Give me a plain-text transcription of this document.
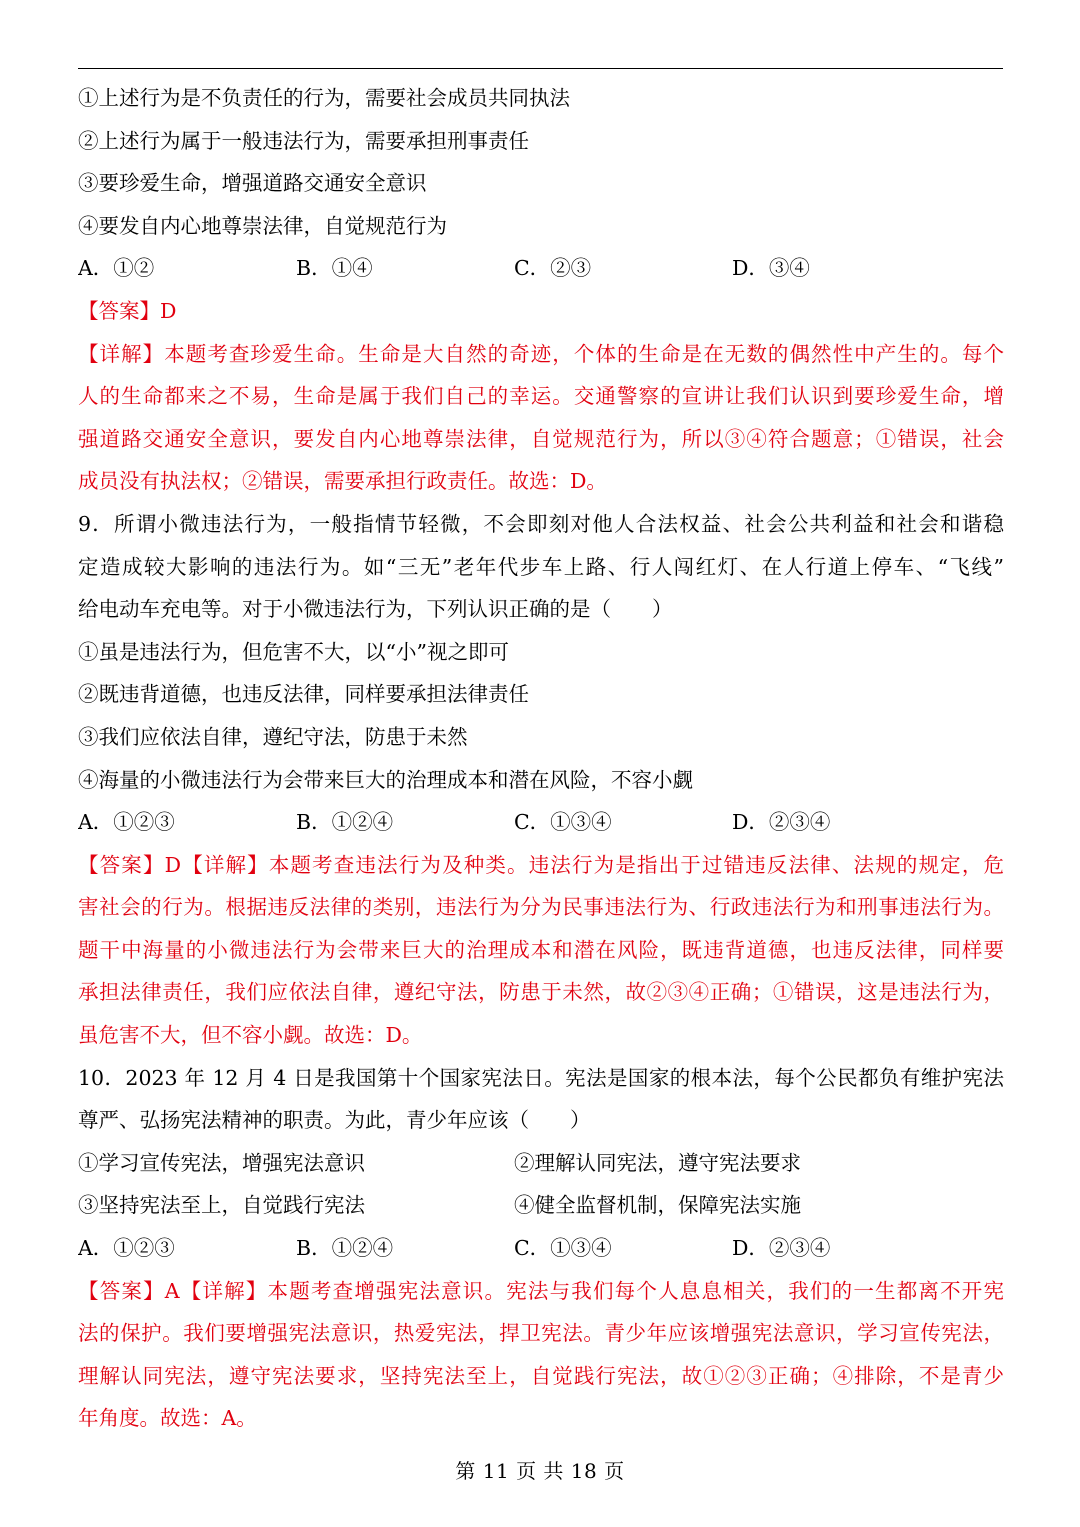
①上述行为是不负责任的行为，需要社会成员共同执法
②上述行为属于一般违法行为，需要承担刑事责任
③要珍爱生命，增强道路交通安全意识
④要发自内心地尊崇法律，自觉规范行为
A．①②	B．①④	C．②③	D．③④
【答案】D
【详解】本题考查珍爱生命。生命是大自然的奇迹，个体的生命是在无数的偶然性中产生的。每个
人的生命都来之不易，生命是属于我们自己的幸运。交通警察的宣讲让我们认识到要珍爱生命，增
强道路交通安全意识，要发自内心地尊崇法律，自觉规范行为，所以③④符合题意；①错误，社会
成员没有执法权；②错误，需要承担行政责任。故选：D。
9．所谓小微违法行为，一般指情节轻微，不会即刻对他人合法权益、社会公共利益和社会和谐稳
定造成较大影响的违法行为。如“三无”老年代步车上路、行人闯红灯、在人行道上停车、“飞线”
给电动车充电等。对于小微违法行为，下列认识正确的是（　　）
①虽是违法行为，但危害不大，以“小”视之即可
②既违背道德，也违反法律，同样要承担法律责任
③我们应依法自律，遵纪守法，防患于未然
④海量的小微违法行为会带来巨大的治理成本和潜在风险，不容小觑
A．①②③	B．①②④	C．①③④	D．②③④
【答案】D【详解】本题考查违法行为及种类。违法行为是指出于过错违反法律、法规的规定，危
害社会的行为。根据违反法律的类别，违法行为分为民事违法行为、行政违法行为和刑事违法行为。
题干中海量的小微违法行为会带来巨大的治理成本和潜在风险，既违背道德，也违反法律，同样要
承担法律责任，我们应依法自律，遵纪守法，防患于未然，故②③④正确；①错误，这是违法行为，
虽危害不大，但不容小觑。故选：D。
10．2023 年 12 月 4 日是我国第十个国家宪法日。宪法是国家的根本法，每个公民都负有维护宪法
尊严、弘扬宪法精神的职责。为此，青少年应该（　　）
①学习宣传宪法，增强宪法意识	②理解认同宪法，遵守宪法要求
③坚持宪法至上，自觉践行宪法	④健全监督机制，保障宪法实施
A．①②③	B．①②④	C．①③④	D．②③④
【答案】A【详解】本题考查增强宪法意识。宪法与我们每个人息息相关，我们的一生都离不开宪
法的保护。我们要增强宪法意识，热爱宪法，捍卫宪法。青少年应该增强宪法意识，学习宣传宪法，
理解认同宪法，遵守宪法要求，坚持宪法至上，自觉践行宪法，故①②③正确；④排除，不是青少
年角度。故选：A。
第 11 页 共 18 页
